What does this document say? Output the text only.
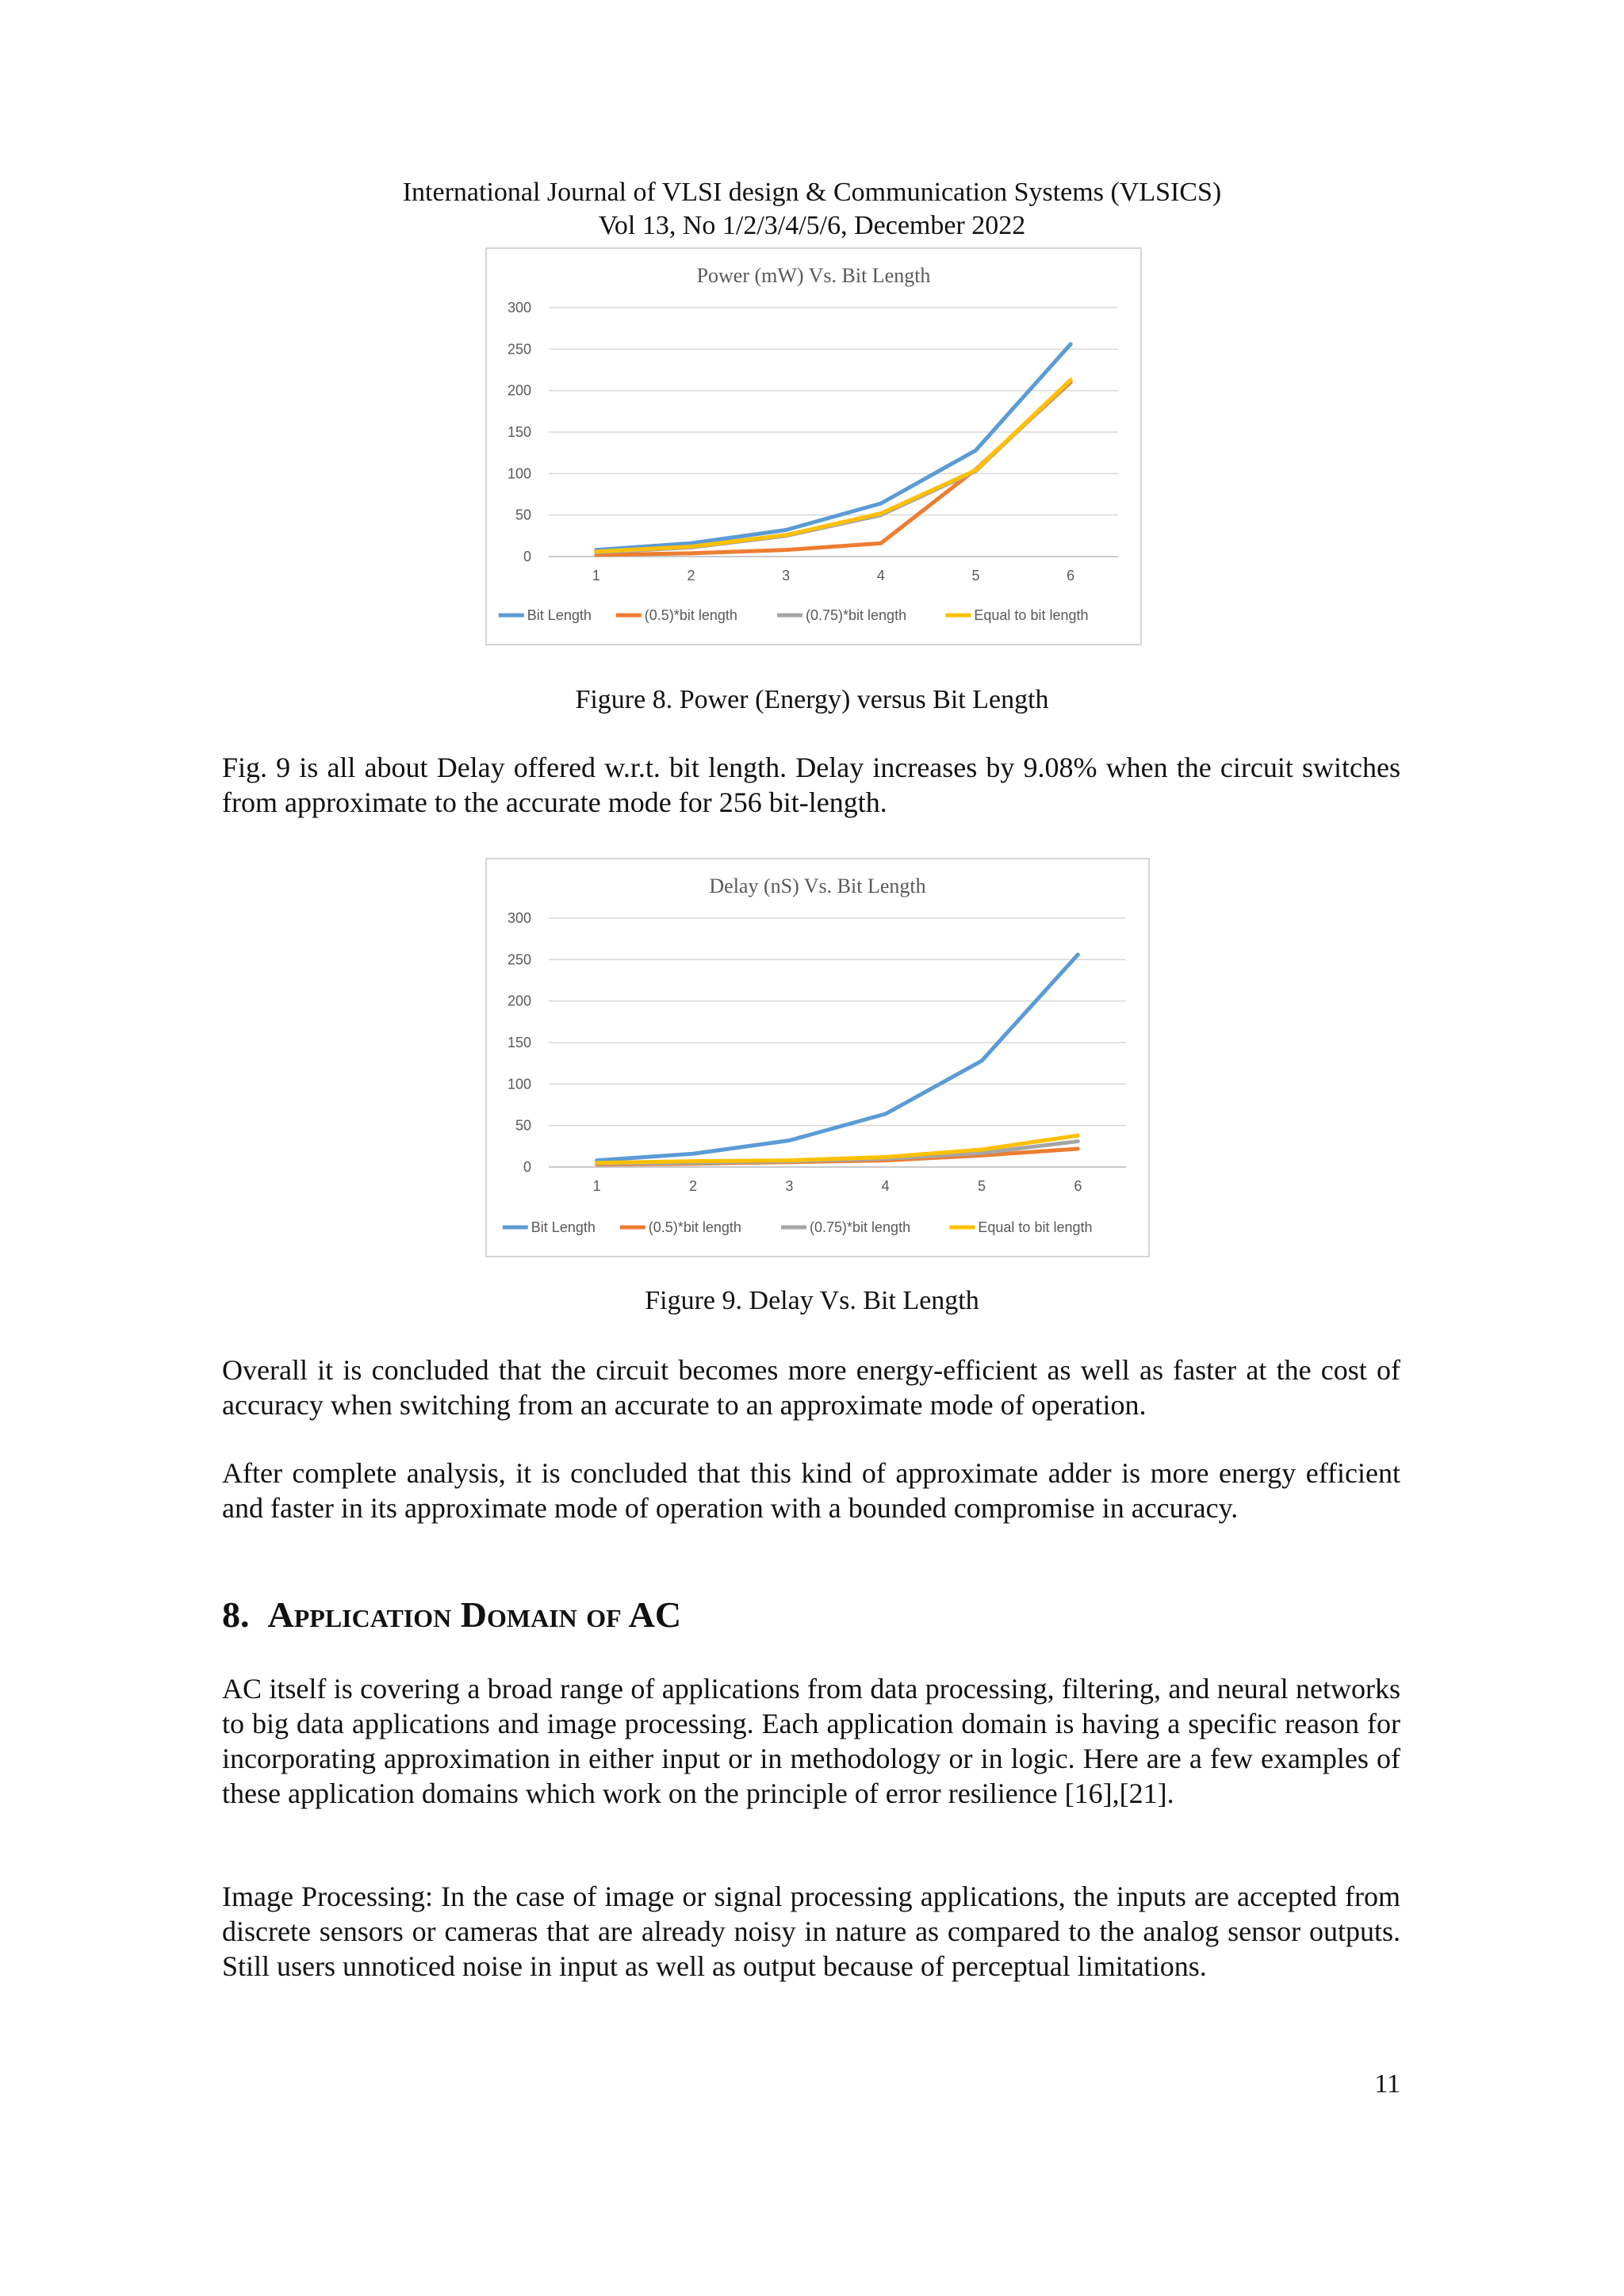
International Journal of VLSI design & Communication Systems (VLSICS)
Vol 13, No 1/2/3/4/5/6, December 2022
Power (mW) Vs. Bit Length
0
50
100
150
200
250
300
1	2	3	4	5	6
Bit Length	(0.5)*bit length	(0.75)*bit length	Equal to bit length
Figure 8. Power (Energy) versus Bit Length

Fig. 9 is all about Delay offered w.r.t. bit length. Delay increases by 9.08% when the circuit switches from approximate to the accurate mode for 256 bit-length.

Delay (nS) Vs. Bit Length
0
50
100
150
200
250
300
1	2	3	4	5	6
Bit Length	(0.5)*bit length	(0.75)*bit length	Equal to bit length
Figure 9. Delay Vs. Bit Length

Overall it is concluded that the circuit becomes more energy-efficient as well as faster at the cost of accuracy when switching from an accurate to an approximate mode of operation.

After complete analysis, it is concluded that this kind of approximate adder is more energy efficient and faster in its approximate mode of operation with a bounded compromise in accuracy.

8. Application Domain of AC

AC itself is covering a broad range of applications from data processing, filtering, and neural networks to big data applications and image processing. Each application domain is having a specific reason for incorporating approximation in either input or in methodology or in logic. Here are a few examples of these application domains which work on the principle of error resilience [16],[21].

Image Processing: In the case of image or signal processing applications, the inputs are accepted from discrete sensors or cameras that are already noisy in nature as compared to the analog sensor outputs. Still users unnoticed noise in input as well as output because of perceptual limitations.

11
